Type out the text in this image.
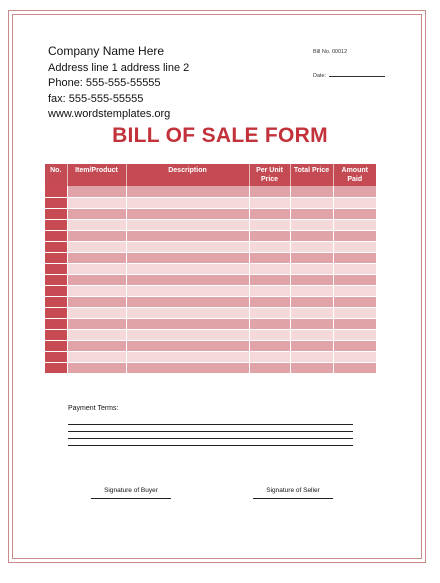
Company Name Here
Address line 1 address line 2
Phone: 555-555-55555
fax: 555-555-55555
www.wordstemplates.org
Bill No. 00012
Date:
BILL OF SALE FORM
No.	Item/Product	Description	Per Unit Price	Total Price	Amount Paid

Payment Terms:
Signature of Buyer	Signature of Seller
